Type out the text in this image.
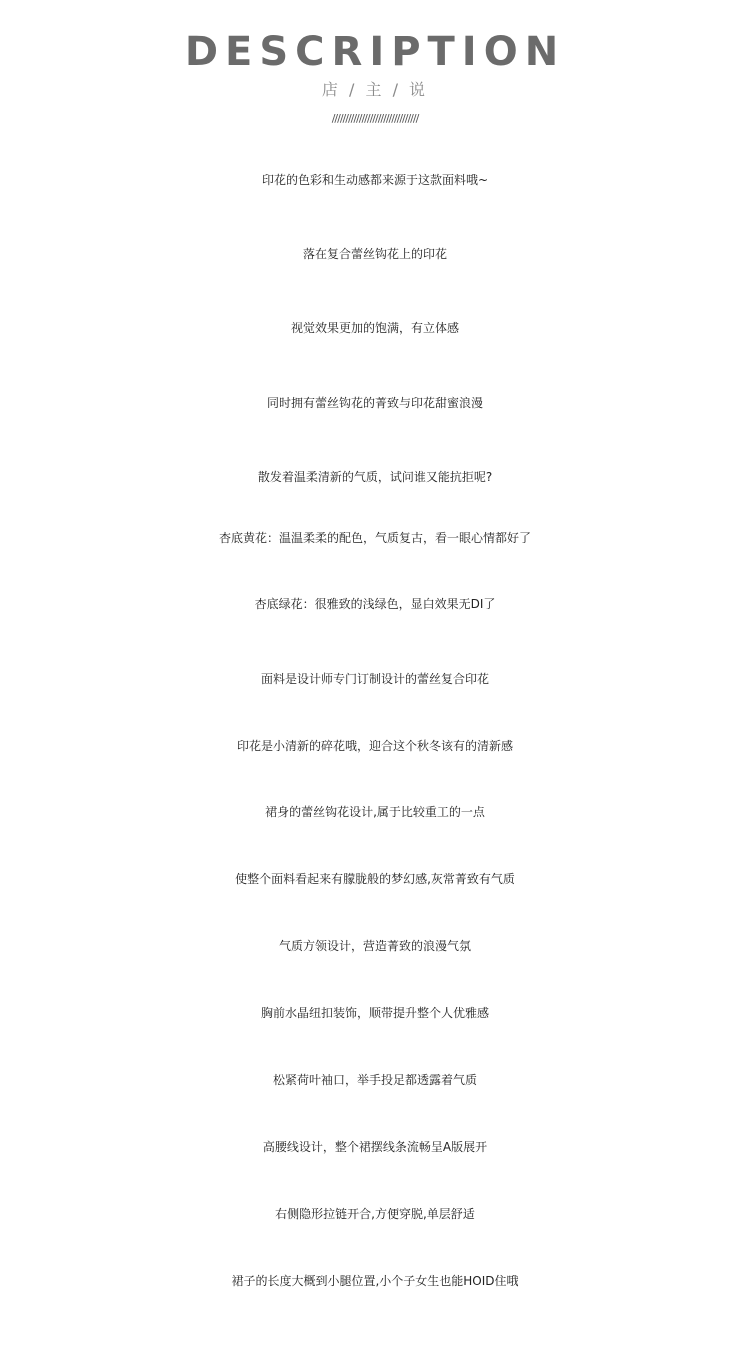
DESCRIPTION
店 / 主 / 说
////////////////////////////////
印花的色彩和生动感都来源于这款面料哦~
落在复合蕾丝钩花上的印花
视觉效果更加的饱满，有立体感
同时拥有蕾丝钩花的菁致与印花甜蜜浪漫
散发着温柔清新的气质，试问谁又能抗拒呢?
杏底黄花：温温柔柔的配色，气质复古，看一眼心情都好了
杏底绿花：很雅致的浅绿色，显白效果无DI了
面料是设计师专门订制设计的蕾丝复合印花
印花是小清新的碎花哦，迎合这个秋冬该有的清新感
裙身的蕾丝钩花设计,属于比较重工的一点
使整个面料看起来有朦胧般的梦幻感,灰常菁致有气质
气质方领设计，营造菁致的浪漫气氛
胸前水晶纽扣装饰，顺带提升整个人优雅感
松紧荷叶袖口，举手投足都透露着气质
高腰线设计，整个裙摆线条流畅呈A版展开
右侧隐形拉链开合,方便穿脱,单层舒适
裙子的长度大概到小腿位置,小个子女生也能HOID住哦
